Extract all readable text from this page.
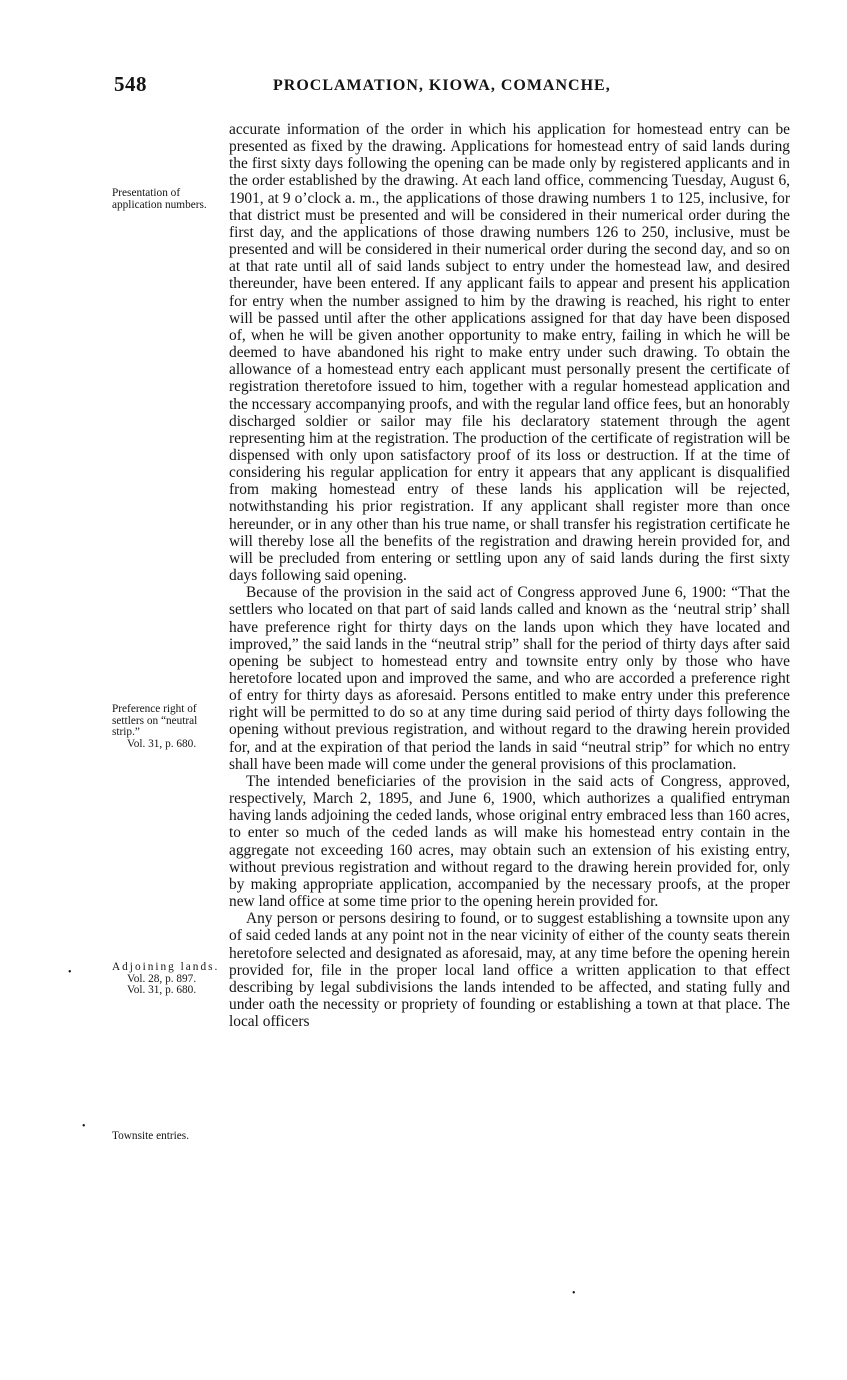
548	PROCLAMATION, KIOWA, COMANCHE,
Presentation of application numbers.
Preference right of settlers on “neutral strip.”
Vol. 31, p. 680.
Adjoining lands.
Vol. 28, p. 897.
Vol. 31, p. 680.
Townsite entries.
•
•
•

accurate information of the order in which his application for homestead entry can be presented as fixed by the drawing. Applications for homestead entry of said lands during the first sixty days following the opening can be made only by registered applicants and in the order established by the drawing. At each land office, commencing Tuesday, August 6, 1901, at 9 o’clock a. m., the applications of those drawing numbers 1 to 125, inclusive, for that district must be presented and will be considered in their numerical order during the first day, and the applications of those drawing numbers 126 to 250, inclusive, must be presented and will be considered in their numerical order during the second day, and so on at that rate until all of said lands subject to entry under the homestead law, and desired thereunder, have been entered. If any applicant fails to appear and present his application for entry when the number assigned to him by the drawing is reached, his right to enter will be passed until after the other applications assigned for that day have been disposed of, when he will be given another opportunity to make entry, failing in which he will be deemed to have abandoned his right to make entry under such drawing. To obtain the allowance of a homestead entry each applicant must personally present the certificate of registration theretofore issued to him, together with a regular homestead application and the nccessary accompanying proofs, and with the regular land office fees, but an honorably discharged soldier or sailor may file his declaratory statement through the agent representing him at the registration. The production of the certificate of registration will be dispensed with only upon satisfactory proof of its loss or destruction. If at the time of considering his regular application for entry it appears that any applicant is disqualified from making homestead entry of these lands his application will be rejected, notwithstanding his prior registration. If any applicant shall register more than once hereunder, or in any other than his true name, or shall transfer his registration certificate he will thereby lose all the benefits of the registration and drawing herein provided for, and will be precluded from entering or settling upon any of said lands during the first sixty days following said opening.

Because of the provision in the said act of Congress approved June 6, 1900: “That the settlers who located on that part of said lands called and known as the ‘neutral strip’ shall have preference right for thirty days on the lands upon which they have located and improved,” the said lands in the “neutral strip” shall for the period of thirty days after said opening be subject to homestead entry and townsite entry only by those who have heretofore located upon and improved the same, and who are accorded a preference right of entry for thirty days as aforesaid. Persons entitled to make entry under this preference right will be permitted to do so at any time during said period of thirty days following the opening without previous registration, and without regard to the drawing herein provided for, and at the expiration of that period the lands in said “neutral strip” for which no entry shall have been made will come under the general provisions of this proclamation.

The intended beneficiaries of the provision in the said acts of Congress, approved, respectively, March 2, 1895, and June 6, 1900, which authorizes a qualified entryman having lands adjoining the ceded lands, whose original entry embraced less than 160 acres, to enter so much of the ceded lands as will make his homestead entry contain in the aggregate not exceeding 160 acres, may obtain such an extension of his existing entry, without previous registration and without regard to the drawing herein provided for, only by making appropriate application, accompanied by the necessary proofs, at the proper new land office at some time prior to the opening herein provided for.

Any person or persons desiring to found, or to suggest establishing a townsite upon any of said ceded lands at any point not in the near vicinity of either of the county seats therein heretofore selected and designated as aforesaid, may, at any time before the opening herein provided for, file in the proper local land office a written application to that effect describing by legal subdivisions the lands intended to be affected, and stating fully and under oath the necessity or propriety of founding or establishing a town at that place. The local officers
